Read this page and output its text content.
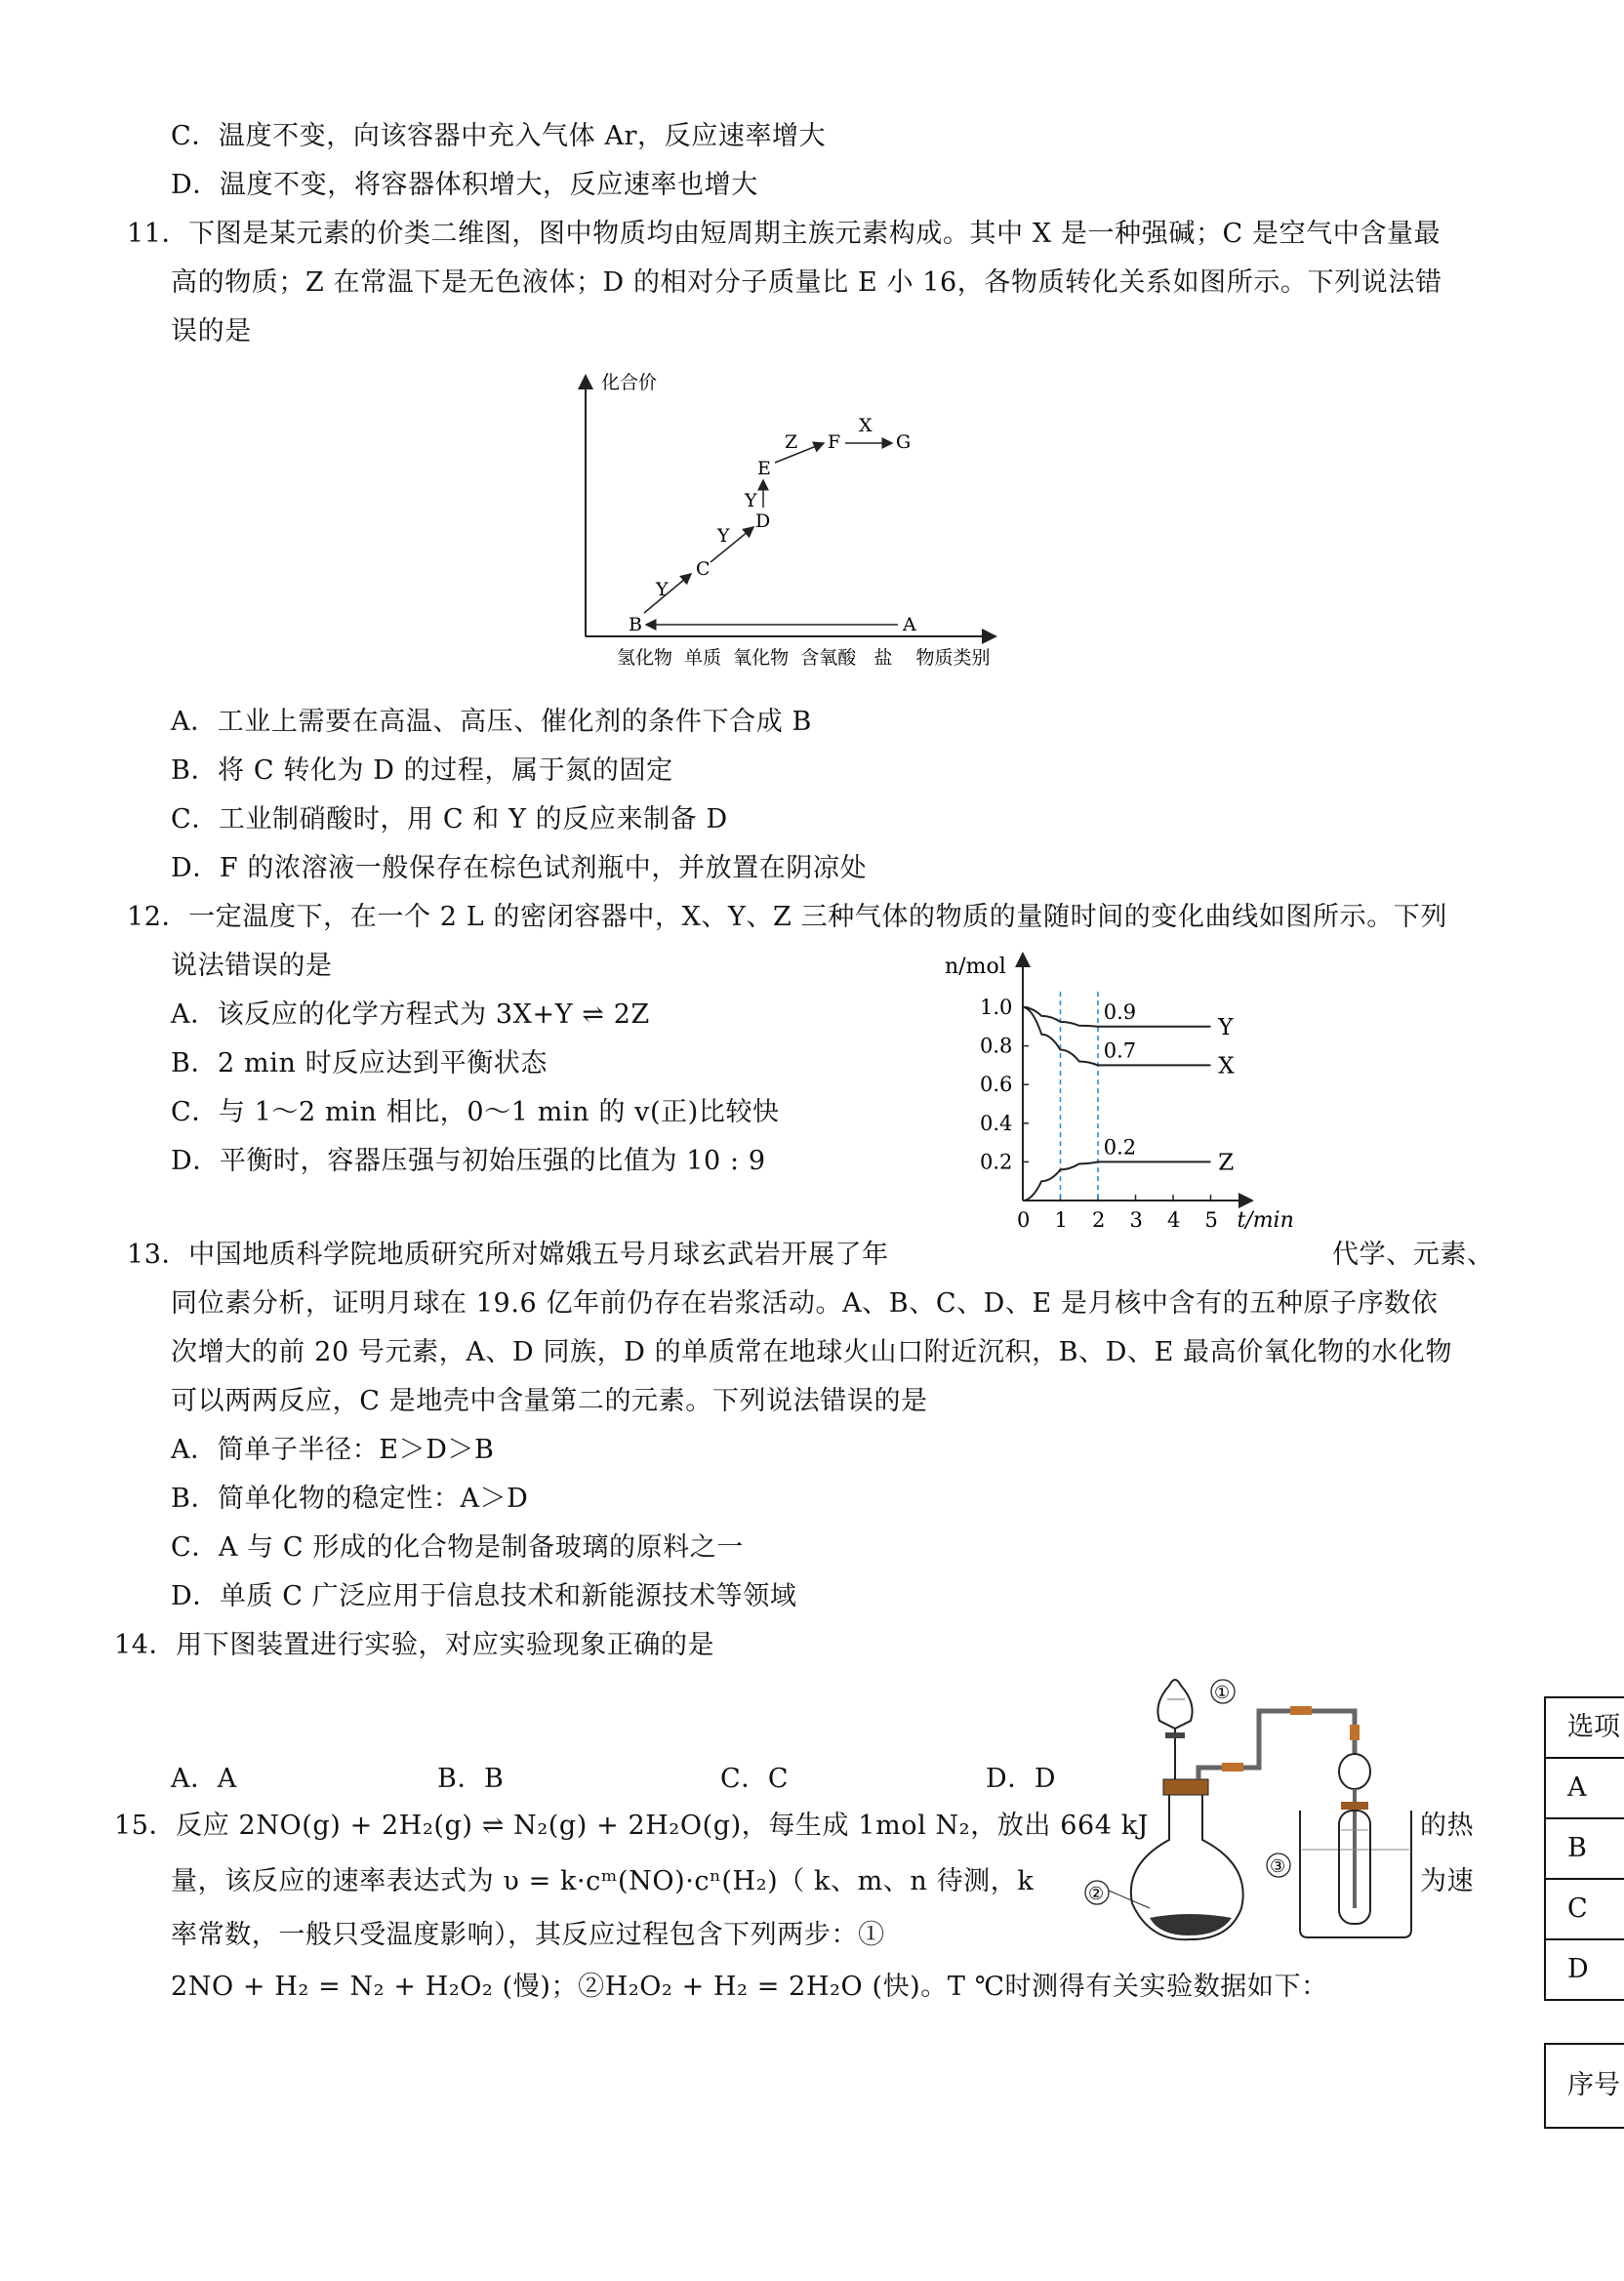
C．温度不变，向该容器中充入气体 Ar，反应速率增大
D．温度不变，将容器体积增大，反应速率也增大
11．下图是某元素的价类二维图，图中物质均由短周期主族元素构成。其中 X 是一种强碱；C 是空气中含量最
高的物质；Z 在常温下是无色液体；D 的相对分子质量比 E 小 16，各物质转化关系如图所示。下列说法错
误的是
化合价
氢化物  单质  氧化物  含氧酸   盐    物质类别
B	A
C
D
E
F	G
Y
Y
Y
Z
X
A．工业上需要在高温、高压、催化剂的条件下合成 B
B．将 C 转化为 D 的过程，属于氮的固定
C．工业制硝酸时，用 C 和 Y 的反应来制备 D
D．F 的浓溶液一般保存在棕色试剂瓶中，并放置在阴凉处
12．一定温度下，在一个 2 L 的密闭容器中，X、Y、Z 三种气体的物质的量随时间的变化曲线如图所示。下列
说法错误的是
A．该反应的化学方程式为 3X+Y ⇌ 2Z
B．2 min 时反应达到平衡状态
C．与 1～2 min 相比，0～1 min 的 v(正)比较快
D．平衡时，容器压强与初始压强的比值为 10 : 9
n/mol
t/min
0.2
0.4
0.6
0.8
1.0
0 1 2 3 4 5
0.9
Y
0.7
X
0.2
Z
13．中国地质科学院地质研究所对嫦娥五号月球玄武岩开展了年	代学、元素、
同位素分析，证明月球在 19.6 亿年前仍存在岩浆活动。A、B、C、D、E 是月核中含有的五种原子序数依
次增大的前 20 号元素，A、D 同族，D 的单质常在地球火山口附近沉积，B、D、E 最高价氧化物的水化物
可以两两反应，C 是地壳中含量第二的元素。下列说法错误的是
A．简单子半径：E＞D＞B
B．简单化物的稳定性：A＞D
C．A 与 C 形成的化合物是制备玻璃的原料之一
D．单质 C 广泛应用于信息技术和新能源技术等领域
14．用下图装置进行实验，对应实验现象正确的是
A．A	B．B	C．C	D．D
①
②
③
15．反应 2NO(g) + 2H₂(g) ⇌ N₂(g) + 2H₂O(g)，每生成 1mol N₂，放出 664 kJ	的热
量，该反应的速率表达式为 υ = k·cᵐ(NO)·cⁿ(H₂)（ k、m、n 待测，k	为速
率常数，一般只受温度影响），其反应过程包含下列两步：①
2NO + H₂ = N₂ + H₂O₂ (慢)；②H₂O₂ + H₂ = 2H₂O (快)。T ℃时测得有关实验数据如下：
选项
A
B
C
D
序号
